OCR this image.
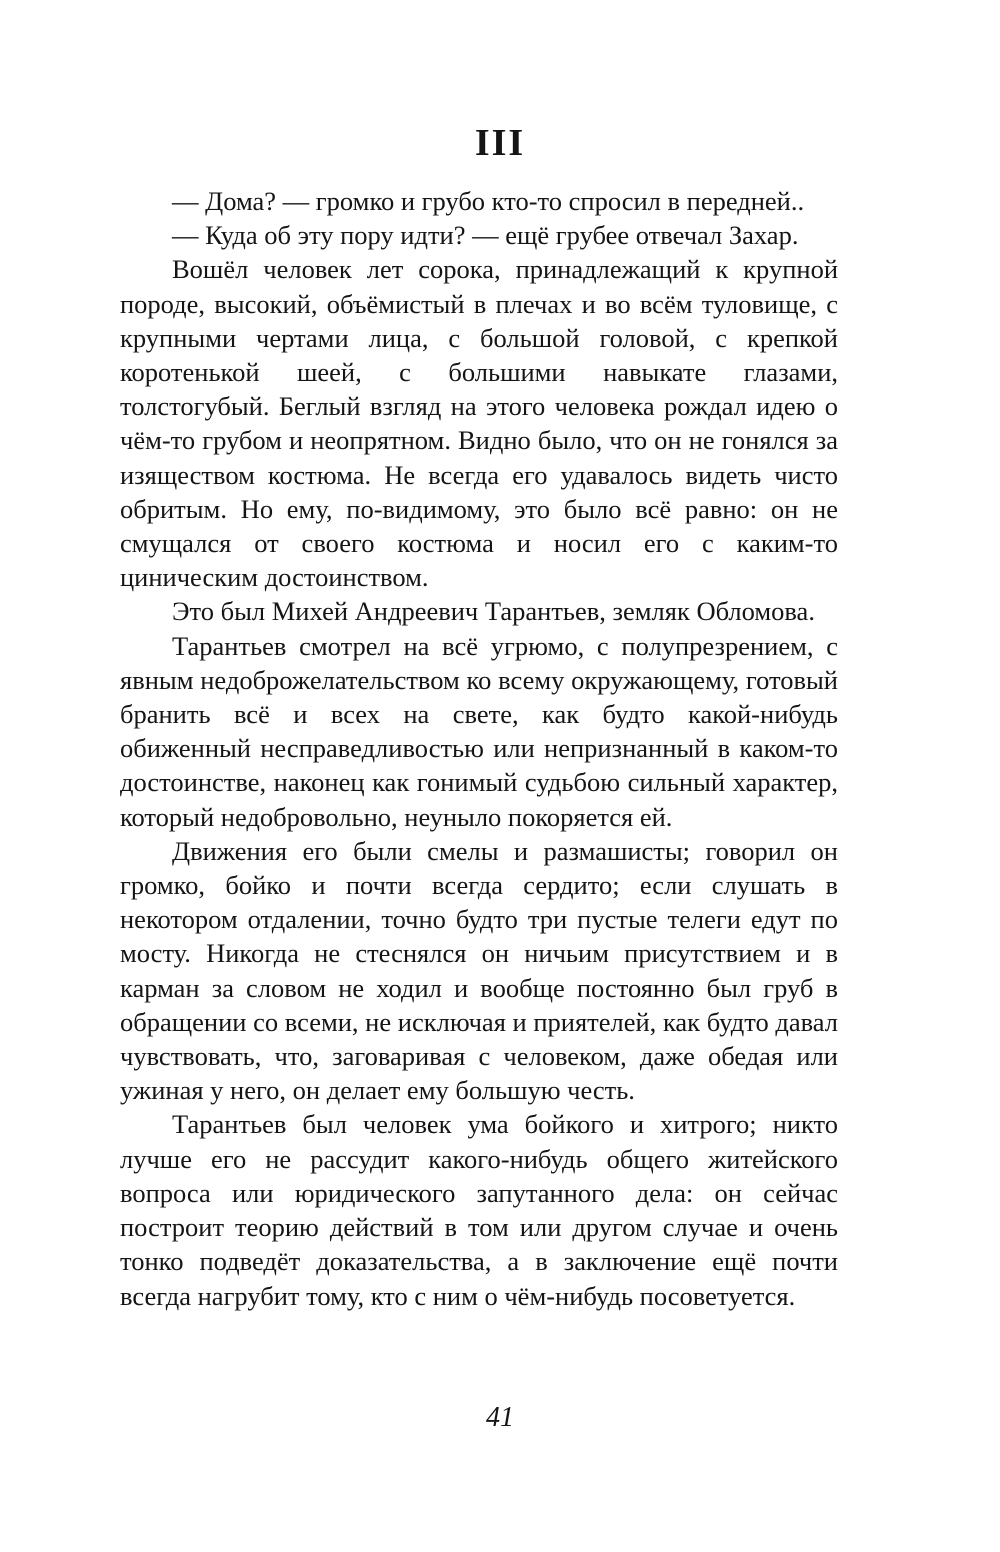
III

— Дома? — громко и грубо кто-то спросил в передней..

— Куда об эту пору идти? — ещё грубее отвечал Захар.

Вошёл человек лет сорока, принадлежащий к крупной породе, высокий, объёмистый в плечах и во всём туловище, с крупными чертами лица, с большой головой, с крепкой коротенькой шеей, с большими навыкате глазами, толстогубый. Беглый взгляд на этого человека рождал идею о чём-то грубом и неопрятном. Видно было, что он не гонялся за изяществом костюма. Не всегда его удавалось видеть чисто обритым. Но ему, по-видимому, это было всё равно: он не смущался от своего костюма и носил его с каким-то циническим достоинством.

Это был Михей Андреевич Тарантьев, земляк Обломова.

Тарантьев смотрел на всё угрюмо, с полупрезрением, с явным недоброжелательством ко всему окружающему, готовый бранить всё и всех на свете, как будто какой-нибудь обиженный несправедливостью или непризнанный в каком-то достоинстве, наконец как гонимый судьбою сильный характер, который недобровольно, неуныло покоряется ей.

Движения его были смелы и размашисты; говорил он громко, бойко и почти всегда сердито; если слушать в некотором отдалении, точно будто три пустые телеги едут по мосту. Никогда не стеснялся он ничьим присутствием и в карман за словом не ходил и вообще постоянно был груб в обращении со всеми, не исключая и приятелей, как будто давал чувствовать, что, заговаривая с человеком, даже обедая или ужиная у него, он делает ему большую честь.

Тарантьев был человек ума бойкого и хитрого; никто лучше его не рассудит какого-нибудь общего житейского вопроса или юридического запутанного дела: он сейчас построит теорию действий в том или другом случае и очень тонко подведёт доказательства, а в заключение ещё почти всегда нагрубит тому, кто с ним о чём-нибудь посоветуется.

41
